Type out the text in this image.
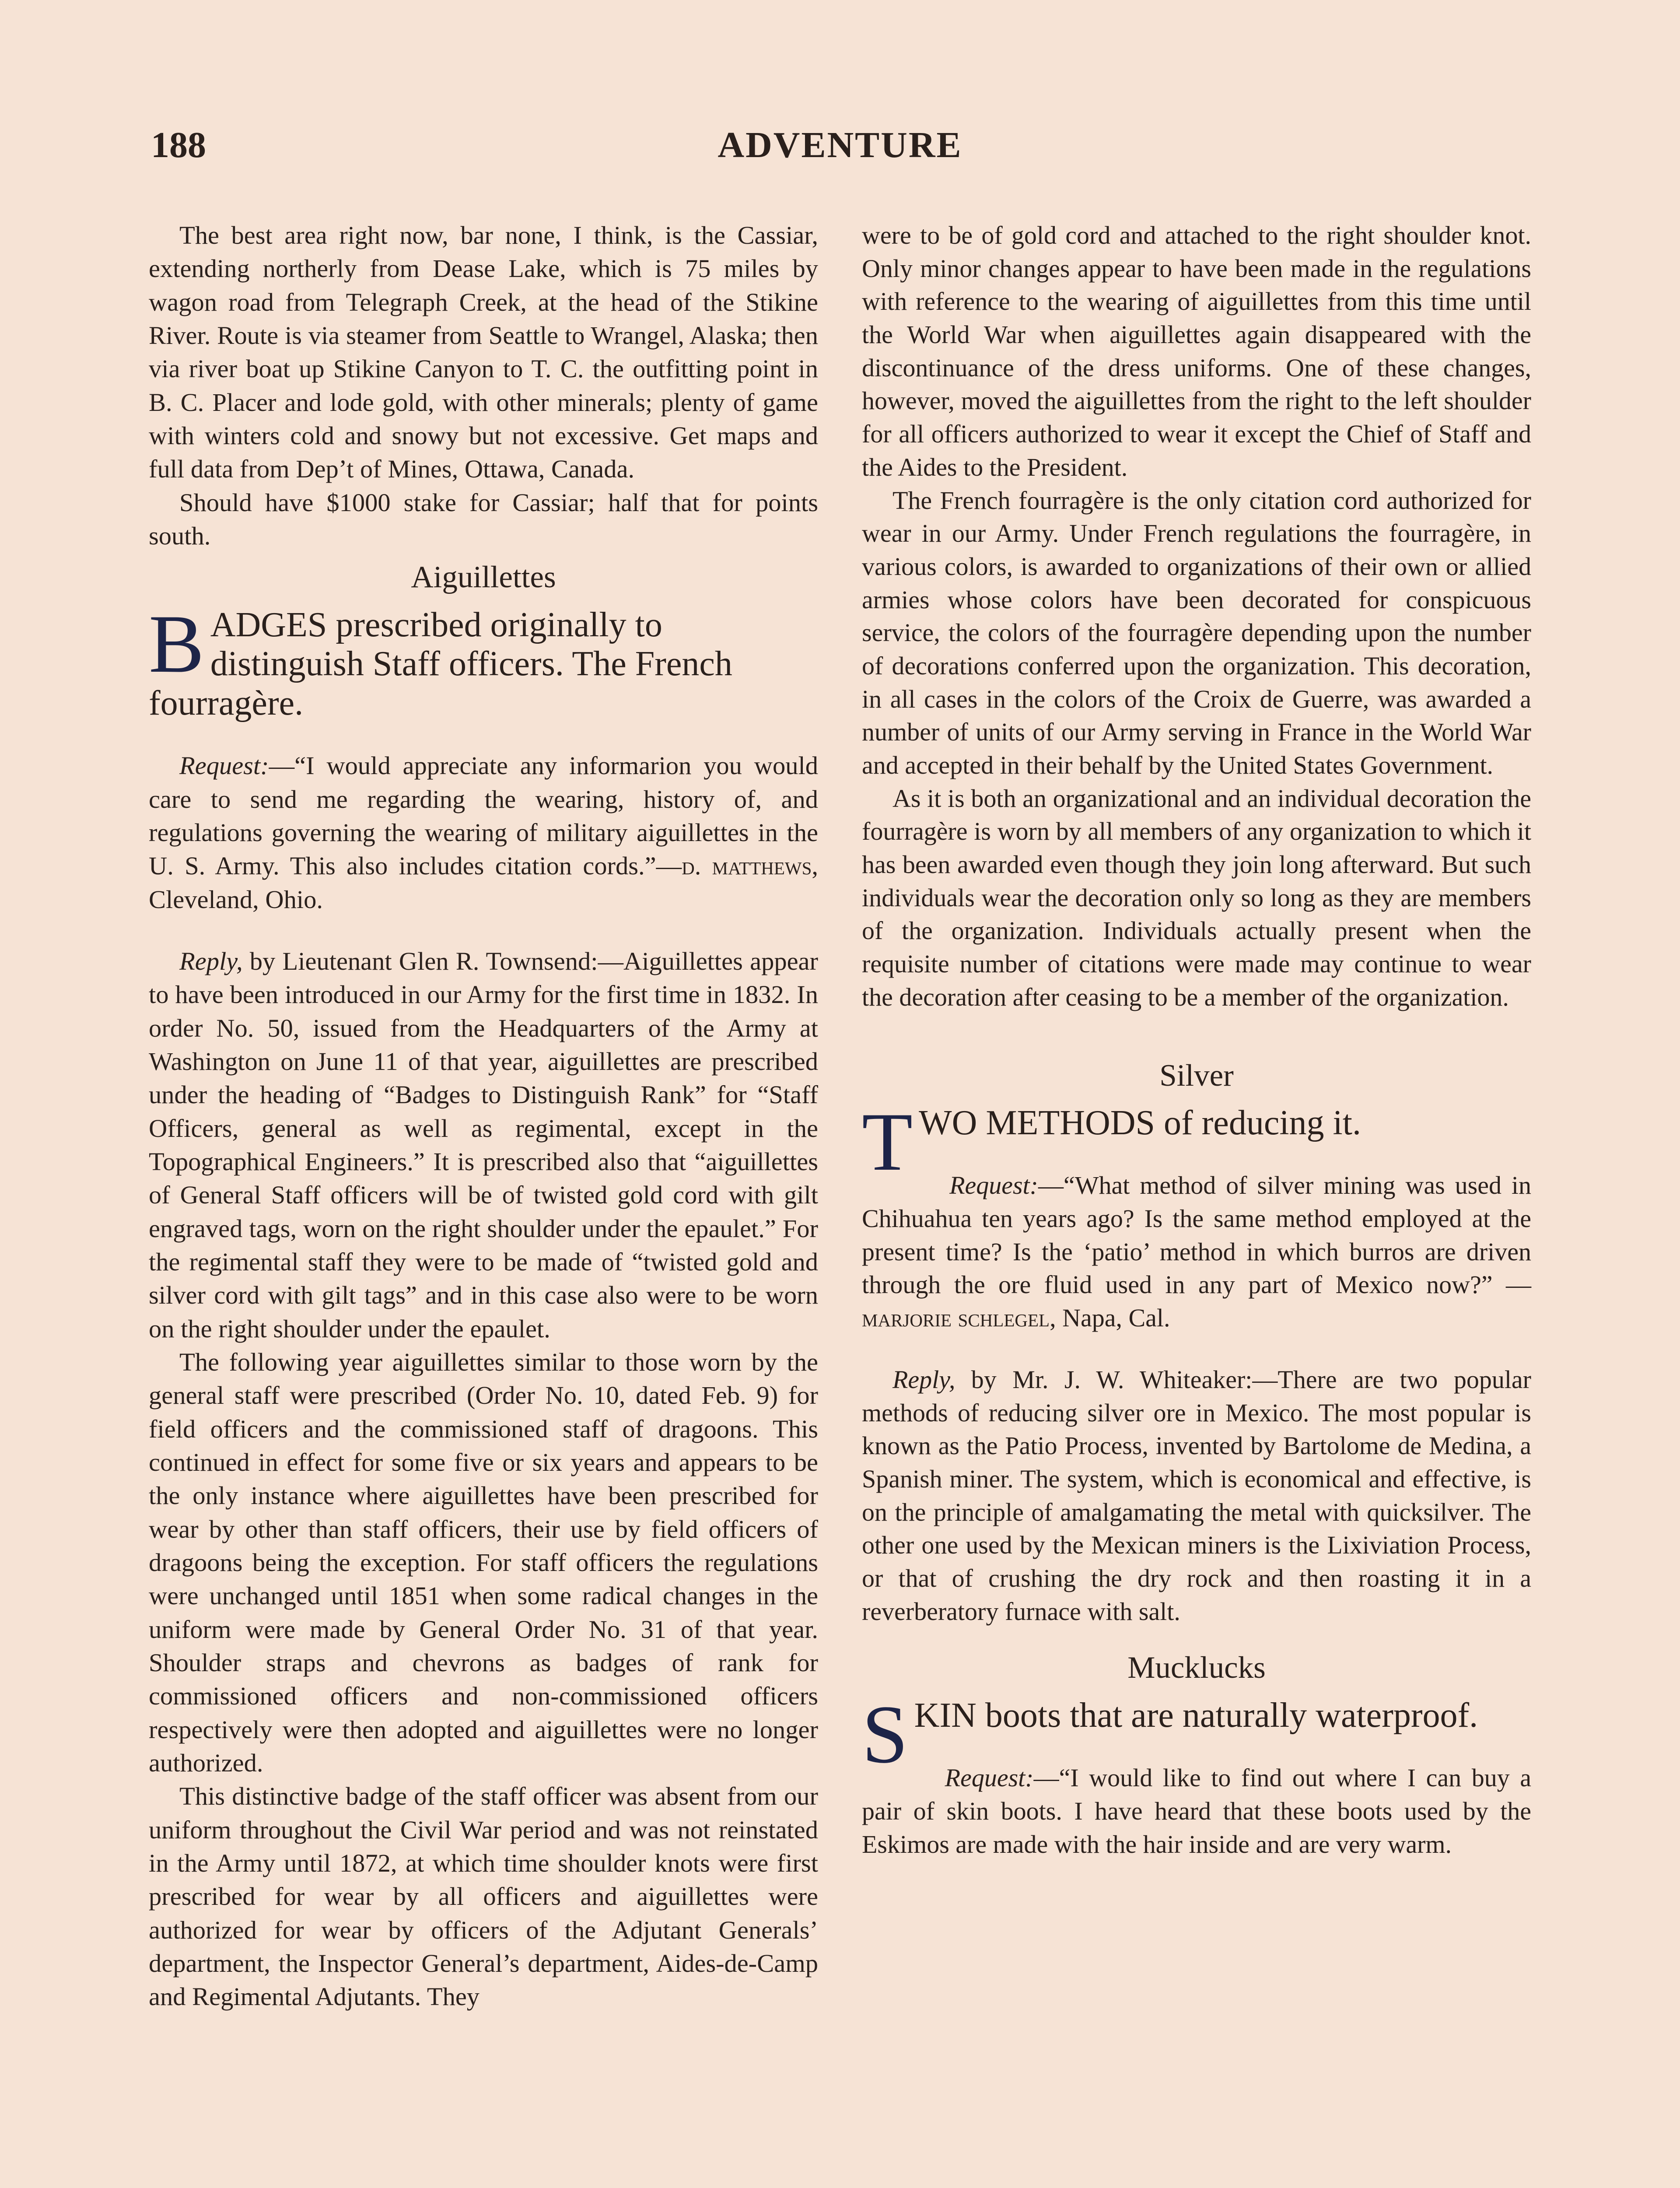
188	ADVENTURE

The best area right now, bar none, I think, is the Cassiar, extending northerly from Dease Lake, which is 75 miles by wagon road from Telegraph Creek, at the head of the Stikine River. Route is via steamer from Seattle to Wrangel, Alaska; then via river boat up Stikine Canyon to T. C. the outfitting point in B. C. Placer and lode gold, with other minerals; plenty of game with winters cold and snowy but not excessive. Get maps and full data from Dep’t of Mines, Ottawa, Canada.

Should have $1000 stake for Cassiar; half that for points south.

Aiguillettes
BADGES prescribed originally to distinguish Staff officers. The French fourragère.

Request:—“I would appreciate any informarion you would care to send me regarding the wearing, history of, and regulations governing the wearing of military aiguillettes in the U. S. Army. This also includes citation cords.”—d. matthews, Cleveland, Ohio.

Reply, by Lieutenant Glen R. Townsend:—Aiguillettes appear to have been introduced in our Army for the first time in 1832. In order No. 50, issued from the Headquarters of the Army at Washington on June 11 of that year, aiguillettes are prescribed under the heading of “Badges to Distinguish Rank” for “Staff Officers, general as well as regimental, except in the Topographical Engineers.” It is prescribed also that “aiguillettes of General Staff officers will be of twisted gold cord with gilt engraved tags, worn on the right shoulder under the epaulet.” For the regimental staff they were to be made of “twisted gold and silver cord with gilt tags” and in this case also were to be worn on the right shoulder under the epaulet.

The following year aiguillettes similar to those worn by the general staff were prescribed (Order No. 10, dated Feb. 9) for field officers and the commissioned staff of dragoons. This continued in effect for some five or six years and appears to be the only instance where aiguillettes have been prescribed for wear by other than staff officers, their use by field officers of dragoons being the exception. For staff officers the regulations were unchanged until 1851 when some radical changes in the uniform were made by General Order No. 31 of that year. Shoulder straps and chevrons as badges of rank for commissioned officers and non-commissioned officers respectively were then adopted and aiguillettes were no longer authorized.

This distinctive badge of the staff officer was absent from our uniform throughout the Civil War period and was not reinstated in the Army until 1872, at which time shoulder knots were first prescribed for wear by all officers and aiguillettes were authorized for wear by officers of the Adjutant Generals’ department, the Inspector General’s department, Aides-de-Camp and Regimental Adjutants. They

were to be of gold cord and attached to the right shoulder knot. Only minor changes appear to have been made in the regulations with reference to the wearing of aiguillettes from this time until the World War when aiguillettes again disappeared with the discontinuance of the dress uniforms. One of these changes, however, moved the aiguillettes from the right to the left shoulder for all officers authorized to wear it except the Chief of Staff and the Aides to the President.

The French fourragère is the only citation cord authorized for wear in our Army. Under French regulations the fourragère, in various colors, is awarded to organizations of their own or allied armies whose colors have been decorated for conspicuous service, the colors of the fourragère depending upon the number of decorations conferred upon the organization. This decoration, in all cases in the colors of the Croix de Guerre, was awarded a number of units of our Army serving in France in the World War and accepted in their behalf by the United States Government.

As it is both an organizational and an individual decoration the fourragère is worn by all members of any organization to which it has been awarded even though they join long afterward. But such individuals wear the decoration only so long as they are members of the organization. Individuals actually present when the requisite number of citations were made may continue to wear the decoration after ceasing to be a member of the organization.

Silver
TWO METHODS of reducing it.

Request:—“What method of silver mining was used in Chihuahua ten years ago? Is the same method employed at the present time? Is the ‘patio’ method in which burros are driven through the ore fluid used in any part of Mexico now?” —marjorie schlegel, Napa, Cal.

Reply, by Mr. J. W. Whiteaker:—There are two popular methods of reducing silver ore in Mexico. The most popular is known as the Patio Process, invented by Bartolome de Medina, a Spanish miner. The system, which is economical and effective, is on the principle of amalgamating the metal with quicksilver. The other one used by the Mexican miners is the Lixiviation Process, or that of crushing the dry rock and then roasting it in a reverberatory furnace with salt.

Mucklucks
SKIN boots that are naturally waterproof.

Request:—“I would like to find out where I can buy a pair of skin boots. I have heard that these boots used by the Eskimos are made with the hair inside and are very warm.
